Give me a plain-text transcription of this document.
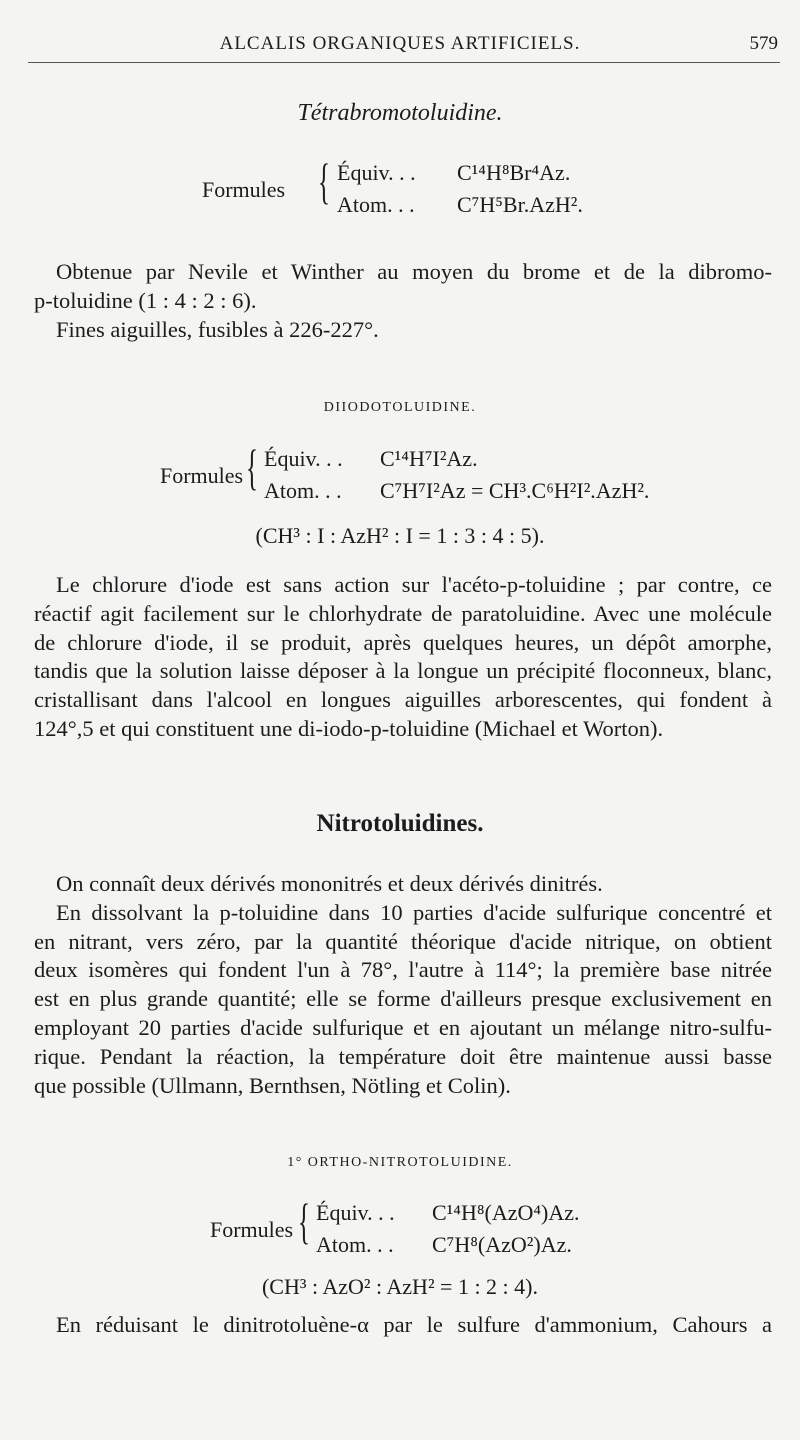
ALCALIS ORGANIQUES ARTIFICIELS.	579
Tétrabromotoluidine.
Formules { Équiv. . . C¹⁴H⁸Br⁴Az.
Atom. . . C⁷H⁵Br.AzH².
Obtenue par Nevile et Winther au moyen du brome et de la dibromo-
p-toluidine (1 : 4 : 2 : 6).
Fines aiguilles, fusibles à 226-227°.
DIIODOTOLUIDINE.
Formules { Équiv. . . C¹⁴H⁷I²Az.
Atom. . . C⁷H⁷I²Az = CH³.C⁶H²I².AzH².
(CH³ : I : AzH² : I = 1 : 3 : 4 : 5).
Le chlorure d'iode est sans action sur l'acéto-p-toluidine ; par contre, ce
réactif agit facilement sur le chlorhydrate de paratoluidine. Avec une molécule
de chlorure d'iode, il se produit, après quelques heures, un dépôt amorphe,
tandis que la solution laisse déposer à la longue un précipité floconneux, blanc,
cristallisant dans l'alcool en longues aiguilles arborescentes, qui fondent à
124°,5 et qui constituent une di-iodo-p-toluidine (Michael et Worton).
Nitrotoluidines.
On connaît deux dérivés mononitrés et deux dérivés dinitrés.
En dissolvant la p-toluidine dans 10 parties d'acide sulfurique concentré et
en nitrant, vers zéro, par la quantité théorique d'acide nitrique, on obtient
deux isomères qui fondent l'un à 78°, l'autre à 114°; la première base nitrée
est en plus grande quantité; elle se forme d'ailleurs presque exclusivement en
employant 20 parties d'acide sulfurique et en ajoutant un mélange nitro-sulfu-
rique. Pendant la réaction, la température doit être maintenue aussi basse
que possible (Ullmann, Bernthsen, Nötling et Colin).
1° ORTHO-NITROTOLUIDINE.
Formules { Équiv. . . C¹⁴H⁸(AzO⁴)Az.
Atom. . . C⁷H⁸(AzO²)Az.
(CH³ : AzO² : AzH² = 1 : 2 : 4).
En réduisant le dinitrotoluène-α par le sulfure d'ammonium, Cahours a
